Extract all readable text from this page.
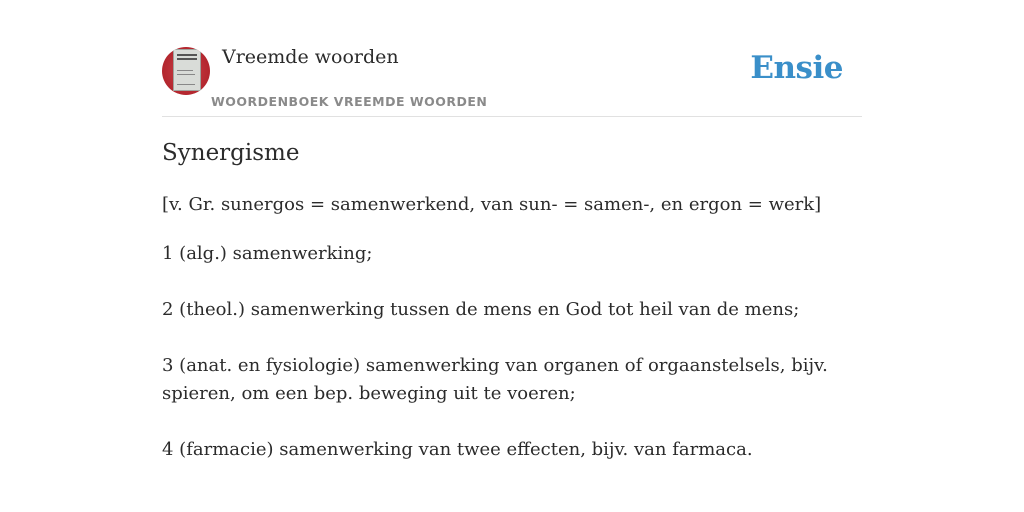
Vreemde woorden
WOORDENBOEK VREEMDE WOORDEN
Ensie
Synergisme

[v. Gr. sunergos = samenwerkend, van sun- = samen-, en ergon = werk]

1 (alg.) samenwerking;

2 (theol.) samenwerking tussen de mens en God tot heil van de mens;

3 (anat. en fysiologie) samenwerking van organen of orgaanstelsels, bijv. spieren, om een bep. beweging uit te voeren;

4 (farmacie) samenwerking van twee effecten, bijv. van farmaca.
